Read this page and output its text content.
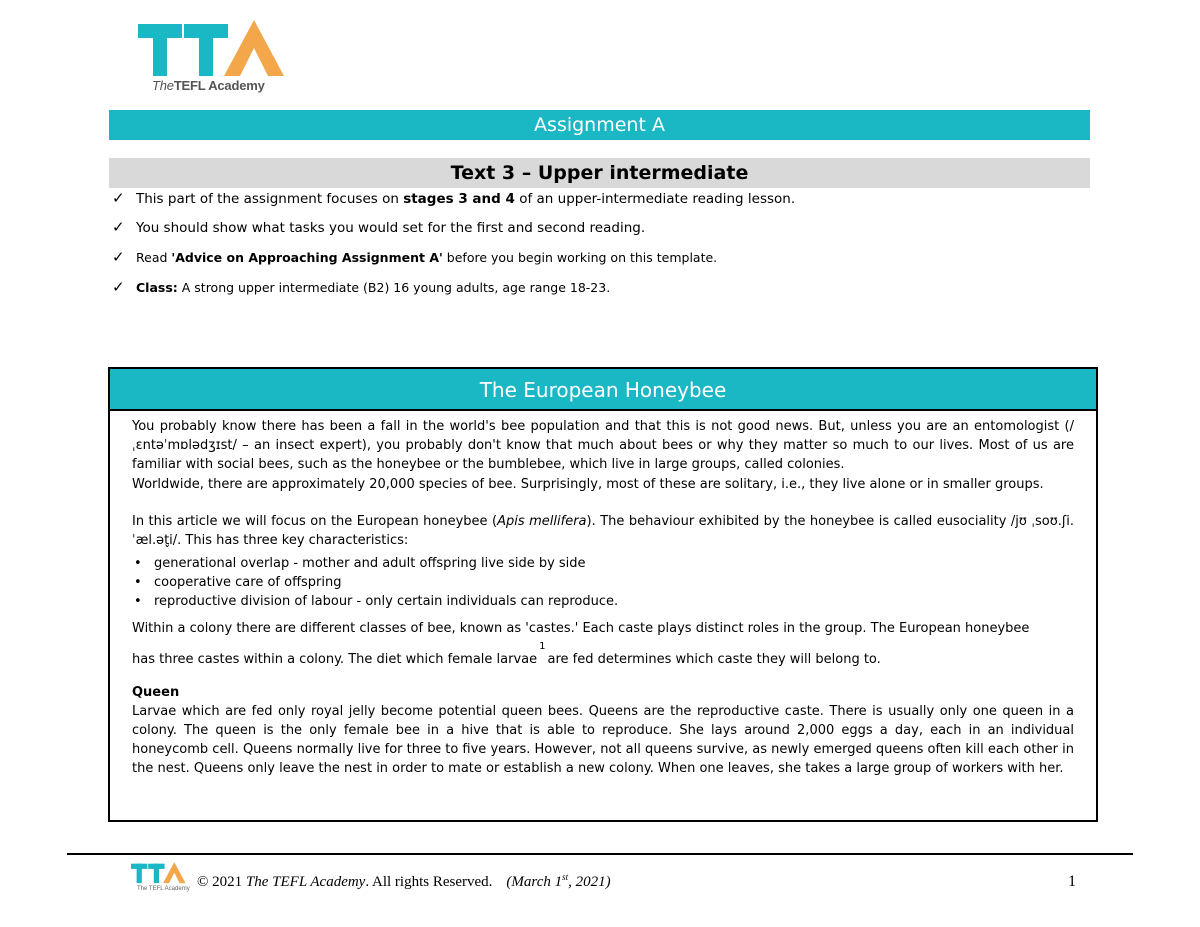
TheTEFL Academy
Assignment A
Text 3 – Upper intermediate
✓ This part of the assignment focuses on stages 3 and 4 of an upper-intermediate reading lesson.
✓ You should show what tasks you would set for the first and second reading.
✓ Read 'Advice on Approaching Assignment A' before you begin working on this template.
✓ Class: A strong upper intermediate (B2) 16 young adults, age range 18-23.
The European Honeybee

You probably know there has been a fall in the world's bee population and that this is not good news. But, unless you are an entomologist (/ˌɛntəˈmɒlədʒɪst/ – an insect expert), you probably don't know that much about bees or why they matter so much to our lives. Most of us are familiar with social bees, such as the honeybee or the bumblebee, which live in large groups, called colonies.

Worldwide, there are approximately 20,000 species of bee. Surprisingly, most of these are solitary, i.e., they live alone or in smaller groups.

In this article we will focus on the European honeybee (Apis mellifera). The behaviour exhibited by the honeybee is called eusociality /jʊ ˌsoʊ.ʃi.ˈæl.ət̬i/. This has three key characteristics:

• generational overlap - mother and adult offspring live side by side
• cooperative care of offspring
• reproductive division of labour - only certain individuals can reproduce.

Within a colony there are different classes of bee, known as 'castes.' Each caste plays distinct roles in the group. The European honeybee

has three castes within a colony. The diet which female larvae$^1$are fed determines which caste they will belong to.

Queen

Larvae which are fed only royal jelly become potential queen bees. Queens are the reproductive caste. There is usually only one queen in a colony. The queen is the only female bee in a hive that is able to reproduce. She lays around 2,000 eggs a day, each in an individual honeycomb cell. Queens normally live for three to five years. However, not all queens survive, as newly emerged queens often kill each other in the nest. Queens only leave the nest in order to mate or establish a new colony. When one leaves, she takes a large group of workers with her.

The TEFL Academy © 2021 The TEFL Academy. All rights Reserved. (March 1st, 2021)	1
